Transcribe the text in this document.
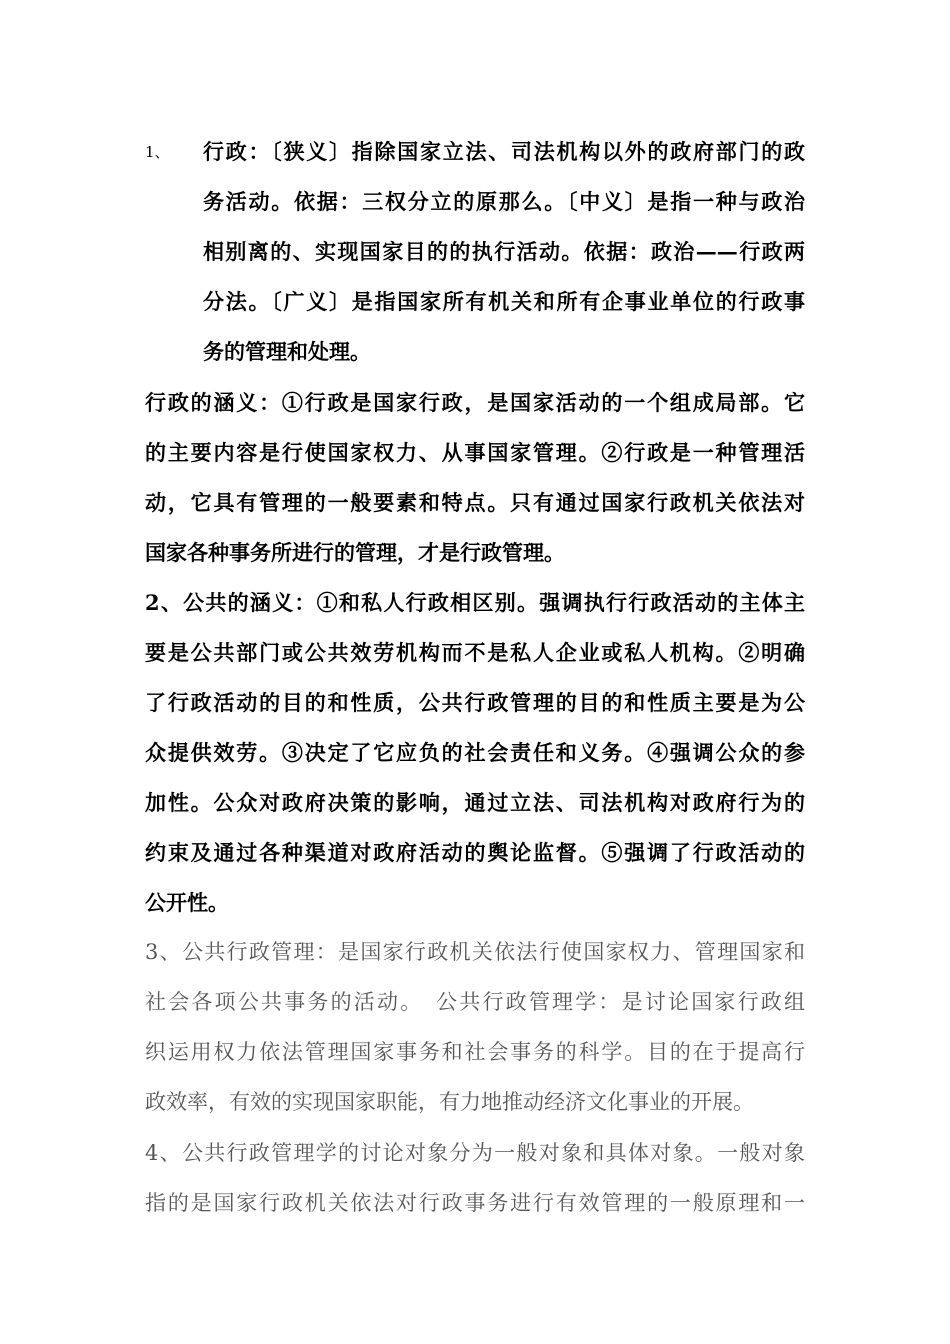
1、 行政：〔狭义〕指除国家立法、司法机构以外的政府部门的政
务活动。依据：三权分立的原那么。〔中义〕是指一种与政治
相别离的、实现国家目的的执行活动。依据：政治——行政两
分法。〔广义〕是指国家所有机关和所有企事业单位的行政事
务的管理和处理。
行政的涵义：①行政是国家行政，是国家活动的一个组成局部。它
的主要内容是行使国家权力、从事国家管理。②行政是一种管理活
动，它具有管理的一般要素和特点。只有通过国家行政机关依法对
国家各种事务所进行的管理，才是行政管理。
2、公共的涵义：①和私人行政相区别。强调执行行政活动的主体主
要是公共部门或公共效劳机构而不是私人企业或私人机构。②明确
了行政活动的目的和性质，公共行政管理的目的和性质主要是为公
众提供效劳。③决定了它应负的社会责任和义务。④强调公众的参
加性。公众对政府决策的影响，通过立法、司法机构对政府行为的
约束及通过各种渠道对政府活动的舆论监督。⑤强调了行政活动的
公开性。
3、公共行政管理：是国家行政机关依法行使国家权力、管理国家和
社会各项公共事务的活动。　公共行政管理学：是讨论国家行政组
织运用权力依法管理国家事务和社会事务的科学。目的在于提高行
政效率，有效的实现国家职能，有力地推动经济文化事业的开展。
4、公共行政管理学的讨论对象分为一般对象和具体对象。一般对象
指的是国家行政机关依法对行政事务进行有效管理的一般原理和一
